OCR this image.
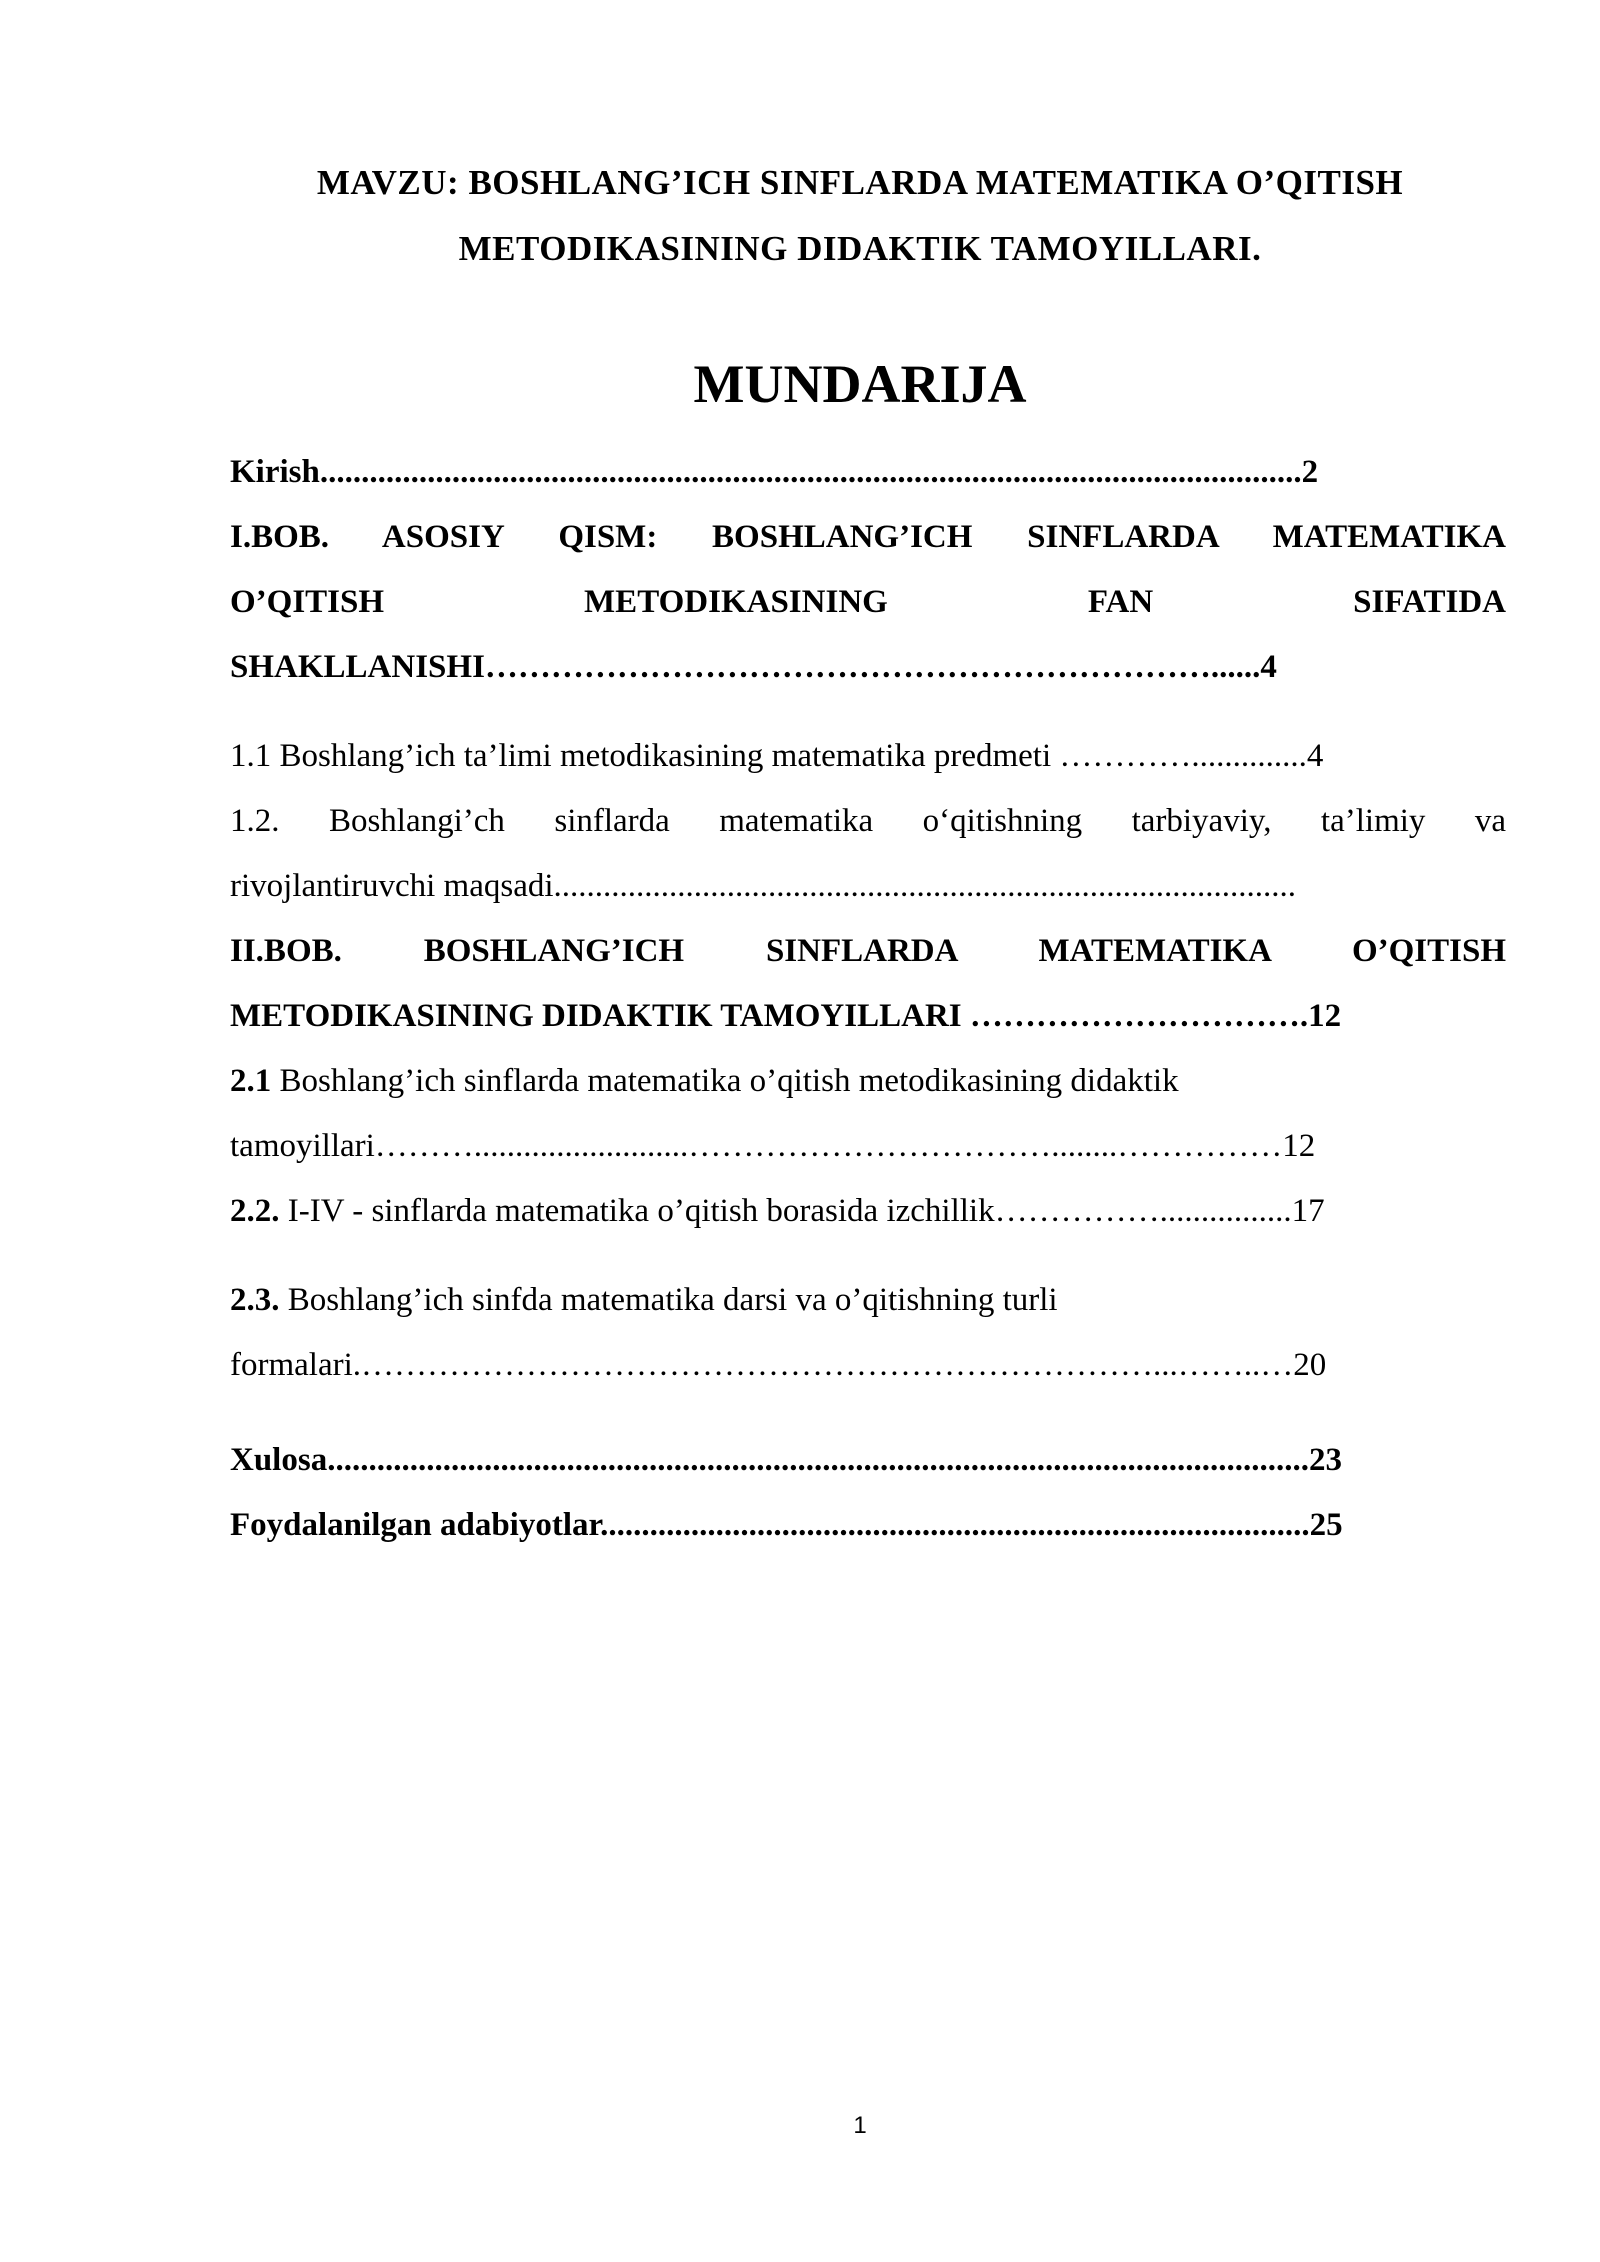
MAVZU: BOSHLANG’ICH SINFLARDA MATEMATIKA O’QITISH
METODIKASINING DIDAKTIK TAMOYILLARI.
MUNDARIJA
Kirish.......................................................................................................................2
I.BOB. ASOSIY QISM: BOSHLANG’ICH SINFLARDA MATEMATIKA
O’QITISH METODIKASINING FAN SIFATIDA
SHAKLLANISHI…………………………………………………………......4
1.1 Boshlang’ich ta’limi metodikasining matematika predmeti …………..............4
1.2. Boshlangi’ch sinflarda matematika o‘qitishning tarbiyaviy, ta’limiy va
rivojlantiruvchi maqsadi..........................................................................................
II.BOB. BOSHLANG’ICH SINFLARDA MATEMATIKA O’QITISH
METODIKASINING DIDAKTIK TAMOYILLARI ………………………….12
2.1 Boshlang’ich sinflarda matematika o’qitish metodikasining didaktik
tamoyillari………..........................……………………………........……………12
2.2. I-IV - sinflarda matematika o’qitish borasida izchillik……………................17
2.3. Boshlang’ich sinfda matematika darsi va o’qitishning turli
formalari.………………………………………………………………...……..…20
Xulosa.......................................................................................................................23
Foydalanilgan adabiyotlar......................................................................................25
1
